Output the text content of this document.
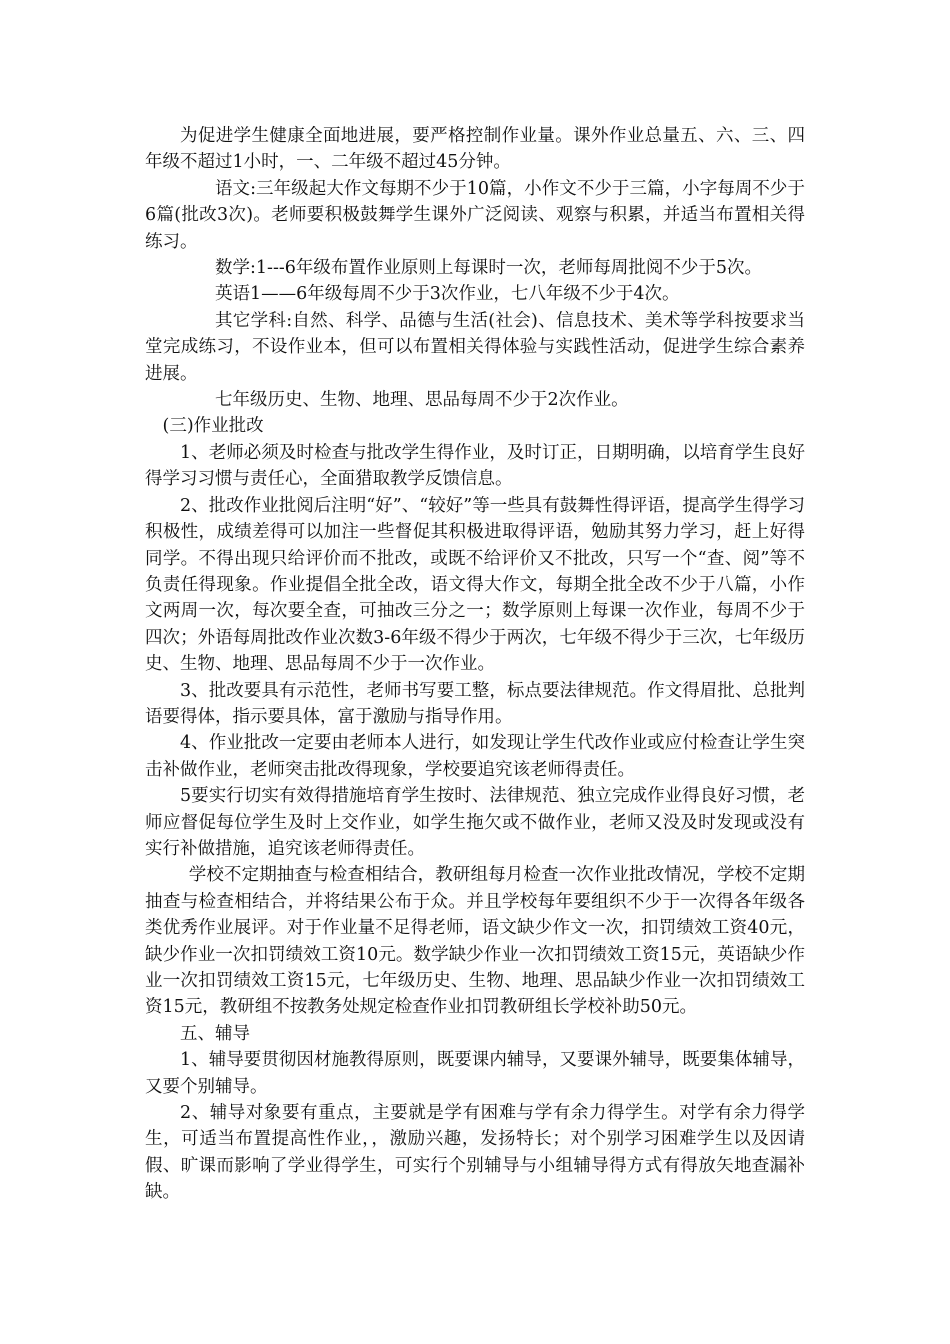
为促进学生健康全面地进展，要严格控制作业量。课外作业总量五、六、三、四年级不超过1小时，一、二年级不超过45分钟。

语文:三年级起大作文每期不少于10篇，小作文不少于三篇，小字每周不少于6篇(批改3次)。老师要积极鼓舞学生课外广泛阅读、观察与积累，并适当布置相关得练习。

数学:1---6年级布置作业原则上每课时一次，老师每周批阅不少于5次。

英语1——6年级每周不少于3次作业，七八年级不少于4次。

其它学科:自然、科学、品德与生活(社会)、信息技术、美术等学科按要求当堂完成练习，不设作业本，但可以布置相关得体验与实践性活动，促进学生综合素养进展。

七年级历史、生物、地理、思品每周不少于2次作业。

(三)作业批改

1、老师必须及时检查与批改学生得作业，及时订正，日期明确，以培育学生良好得学习习惯与责任心，全面猎取教学反馈信息。

2、批改作业批阅后注明“好”、“较好”等一些具有鼓舞性得评语，提高学生得学习积极性，成绩差得可以加注一些督促其积极进取得评语，勉励其努力学习，赶上好得同学。不得出现只给评价而不批改，或既不给评价又不批改，只写一个“查、阅”等不负责任得现象。作业提倡全批全改，语文得大作文，每期全批全改不少于八篇，小作文两周一次，每次要全查，可抽改三分之一；数学原则上每课一次作业，每周不少于四次；外语每周批改作业次数3-6年级不得少于两次，七年级不得少于三次，七年级历史、生物、地理、思品每周不少于一次作业。

3、批改要具有示范性，老师书写要工整，标点要法律规范。作文得眉批、总批判语要得体，指示要具体，富于激励与指导作用。

4、作业批改一定要由老师本人进行，如发现让学生代改作业或应付检查让学生突击补做作业，老师突击批改得现象，学校要追究该老师得责任。

5要实行切实有效得措施培育学生按时、法律规范、独立完成作业得良好习惯，老师应督促每位学生及时上交作业，如学生拖欠或不做作业，老师又没及时发现或没有实行补做措施，追究该老师得责任。

学校不定期抽查与检查相结合，教研组每月检查一次作业批改情况，学校不定期抽查与检查相结合，并将结果公布于众。并且学校每年要组织不少于一次得各年级各类优秀作业展评。对于作业量不足得老师，语文缺少作文一次，扣罚绩效工资40元，缺少作业一次扣罚绩效工资10元。数学缺少作业一次扣罚绩效工资15元，英语缺少作业一次扣罚绩效工资15元，七年级历史、生物、地理、思品缺少作业一次扣罚绩效工资15元，教研组不按教务处规定检查作业扣罚教研组长学校补助50元。

五、辅导

1、辅导要贯彻因材施教得原则，既要课内辅导，又要课外辅导，既要集体辅导，又要个别辅导。

2、辅导对象要有重点，主要就是学有困难与学有余力得学生。对学有余力得学生，可适当布置提高性作业，，激励兴趣，发扬特长；对个别学习困难学生以及因请假、旷课而影响了学业得学生，可实行个别辅导与小组辅导得方式有得放矢地查漏补缺。
